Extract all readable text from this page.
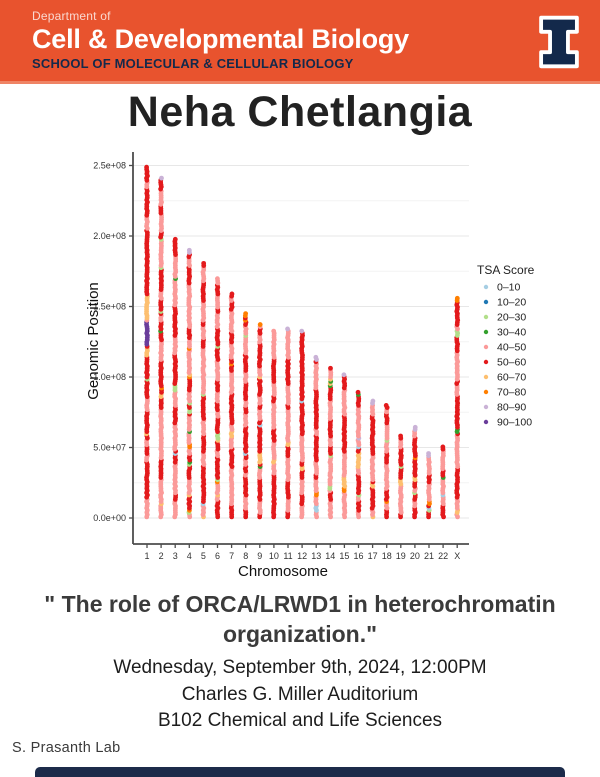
Department of
Cell & Developmental Biology
SCHOOL OF MOLECULAR & CELLULAR BIOLOGY
Neha Chetlangia
0.0e+00
5.0e+07
1.0e+08
1.5e+08
2.0e+08
2.5e+08
1 2 3 4 5 6 7 8 9 10 11 12 13 14 15 16 17 18 19 20 21 22 X
Chromosome
Genomic Position
TSA Score
0–10
10–20
20–30
30–40
40–50
50–60
60–70
70–80
80–90
90–100
" The role of ORCA/LRWD1 in heterochromatin organization."
Wednesday, September 9th, 2024, 12:00PM
Charles G. Miller Auditorium
B102 Chemical and Life Sciences
S. Prasanth Lab
